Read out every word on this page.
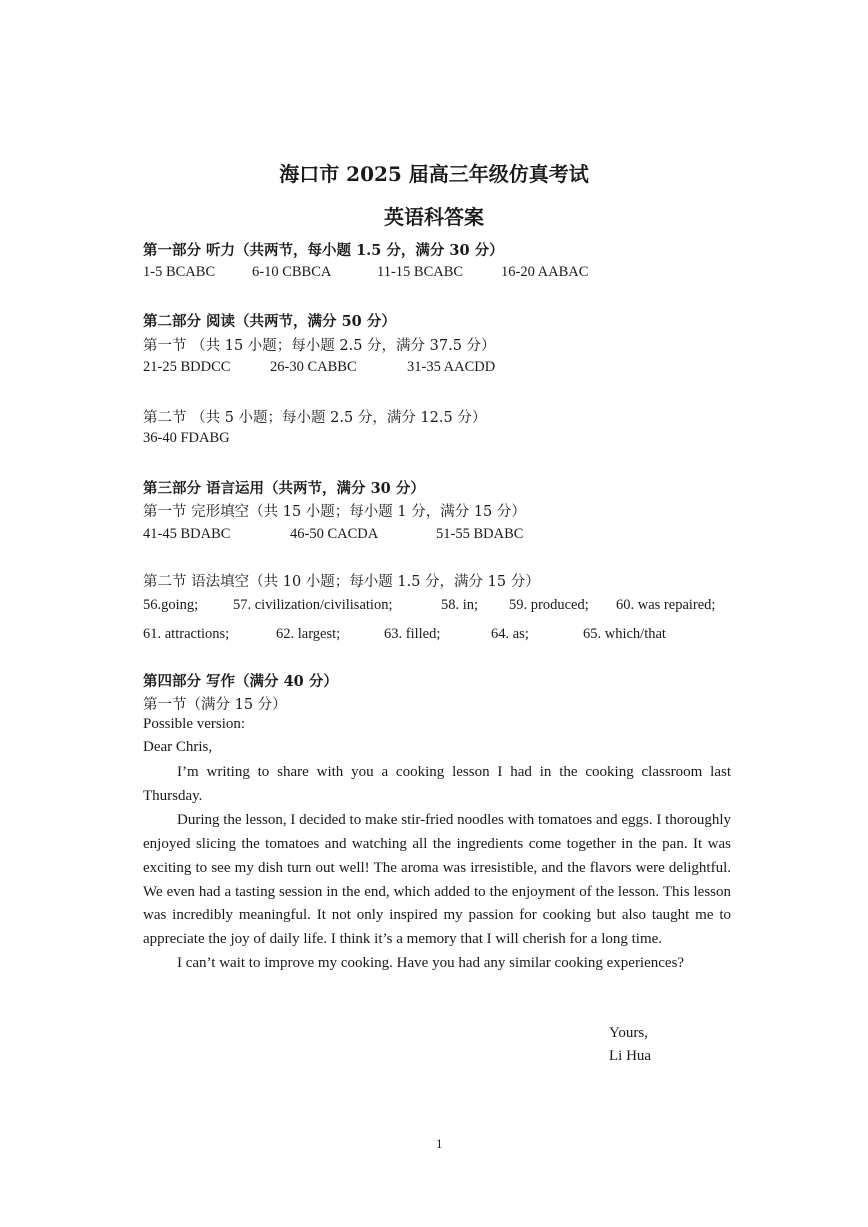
海口市 2025 届高三年级仿真考试
英语科答案
第一部分 听力（共两节，每小题 1.5 分，满分 30 分）
1-5 BCABC	6-10 CBBCA	11-15 BCABC	16-20 AABAC
第二部分 阅读（共两节，满分 50 分）
第一节 （共 15 小题；每小题 2.5 分，满分 37.5 分）
21-25 BDDCC	26-30 CABBC	31-35 AACDD
第二节 （共 5 小题；每小题 2.5 分，满分 12.5 分）
36-40 FDABG
第三部分 语言运用（共两节，满分 30 分）
第一节 完形填空（共 15 小题；每小题 1 分，满分 15 分）
41-45 BDABC	46-50 CACDA	51-55 BDABC
第二节 语法填空（共 10 小题；每小题 1.5 分，满分 15 分）
56.going; 57. civilization/civilisation;	58. in; 59. produced; 60. was repaired;
61. attractions;	62. largest;	63. filled;	64. as;	65. which/that
第四部分 写作（满分 40 分）
第一节（满分 15 分）
Possible version:
Dear Chris,

I’m writing to share with you a cooking lesson I had in the cooking classroom last Thursday.

During the lesson, I decided to make stir-fried noodles with tomatoes and eggs. I thoroughly enjoyed slicing the tomatoes and watching all the ingredients come together in the pan. It was exciting to see my dish turn out well! The aroma was irresistible, and the flavors were delightful. We even had a tasting session in the end, which added to the enjoyment of the lesson. This lesson was incredibly meaningful. It not only inspired my passion for cooking but also taught me to appreciate the joy of daily life. I think it’s a memory that I will cherish for a long time.

I can’t wait to improve my cooking. Have you had any similar cooking experiences?

Yours,
Li Hua
1
